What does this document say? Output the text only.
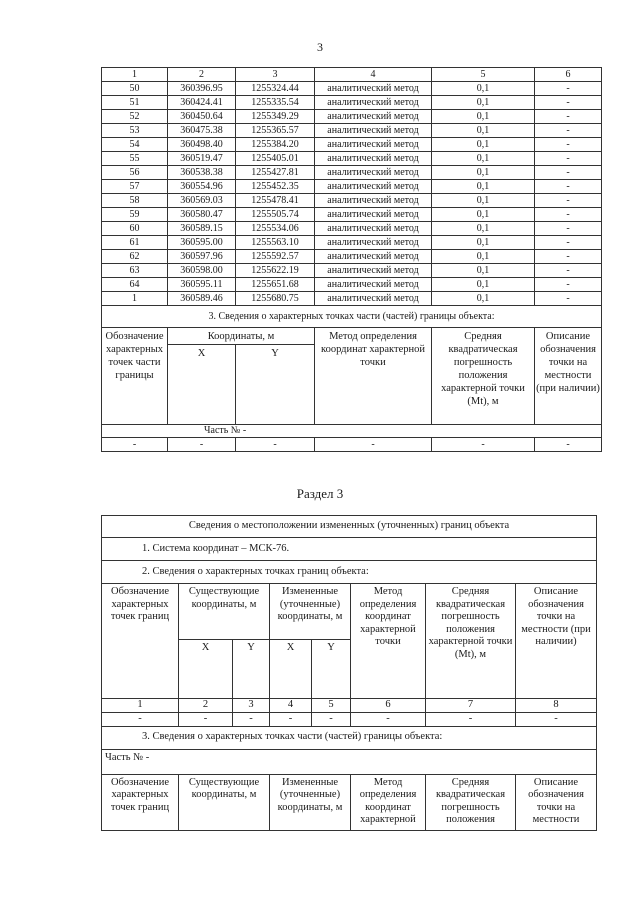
3
1	2	3	4	5	6
50	360396.95	1255324.44	аналитический метод	0,1	-
51	360424.41	1255335.54	аналитический метод	0,1	-
52	360450.64	1255349.29	аналитический метод	0,1	-
53	360475.38	1255365.57	аналитический метод	0,1	-
54	360498.40	1255384.20	аналитический метод	0,1	-
55	360519.47	1255405.01	аналитический метод	0,1	-
56	360538.38	1255427.81	аналитический метод	0,1	-
57	360554.96	1255452.35	аналитический метод	0,1	-
58	360569.03	1255478.41	аналитический метод	0,1	-
59	360580.47	1255505.74	аналитический метод	0,1	-
60	360589.15	1255534.06	аналитический метод	0,1	-
61	360595.00	1255563.10	аналитический метод	0,1	-
62	360597.96	1255592.57	аналитический метод	0,1	-
63	360598.00	1255622.19	аналитический метод	0,1	-
64	360595.11	1255651.68	аналитический метод	0,1	-
1	360589.46	1255680.75	аналитический метод	0,1	-
3. Сведения о характерных точках части (частей) границы объекта:					
Обозначение характерных точек части границы	Координаты, м		Метод определения координат характерной точки	Средняя квадратическая погрешность положения характерной точки (Mt), м	Описание обозначения точки на местности (при наличии)
	X	Y			
Часть № -					
-	-	-	-	-	-
Раздел 3
Сведения о местоположении измененных (уточненных) границ объекта							
1. Система координат – МСК-76.							
2. Сведения о характерных точках границ объекта:							
Обозначение характерных точек границ	Существующие координаты, м		Измененные (уточненные) координаты, м		Метод определения координат характерной точки	Средняя квадратическая погрешность положения характерной точки (Mt), м	Описание обозначения точки на местности (при наличии)
	X	Y	X	Y			
1	2	3	4	5	6	7	8
-	-	-	-	-	-	-	-
3. Сведения о характерных точках части (частей) границы объекта:							
Часть № -							
Обозначение характерных точек границ	Существующие координаты, м		Измененные (уточненные) координаты, м		Метод определения координат характерной	Средняя квадратическая погрешность положения	Описание обозначения точки на местности
